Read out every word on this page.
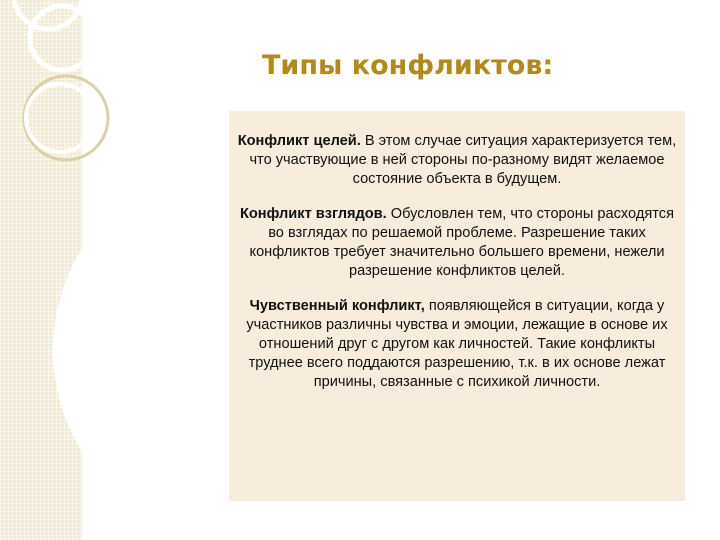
Типы конфликтов:

Конфликт целей. В этом случае ситуация характеризуется тем, что участвующие в ней стороны по-разному видят желаемое состояние объекта в будущем.

Конфликт взглядов. Обусловлен тем, что стороны расходятся во взглядах по решаемой проблеме. Разрешение таких конфликтов требует значительно большего времени, нежели разрешение конфликтов целей.

Чувственный конфликт, появляющейся в ситуации, когда у участников различны чувства и эмоции, лежащие в основе их отношений друг с другом как личностей. Такие конфликты труднее всего поддаются разрешению, т.к. в их основе лежат причины, связанные с психикой личности.
